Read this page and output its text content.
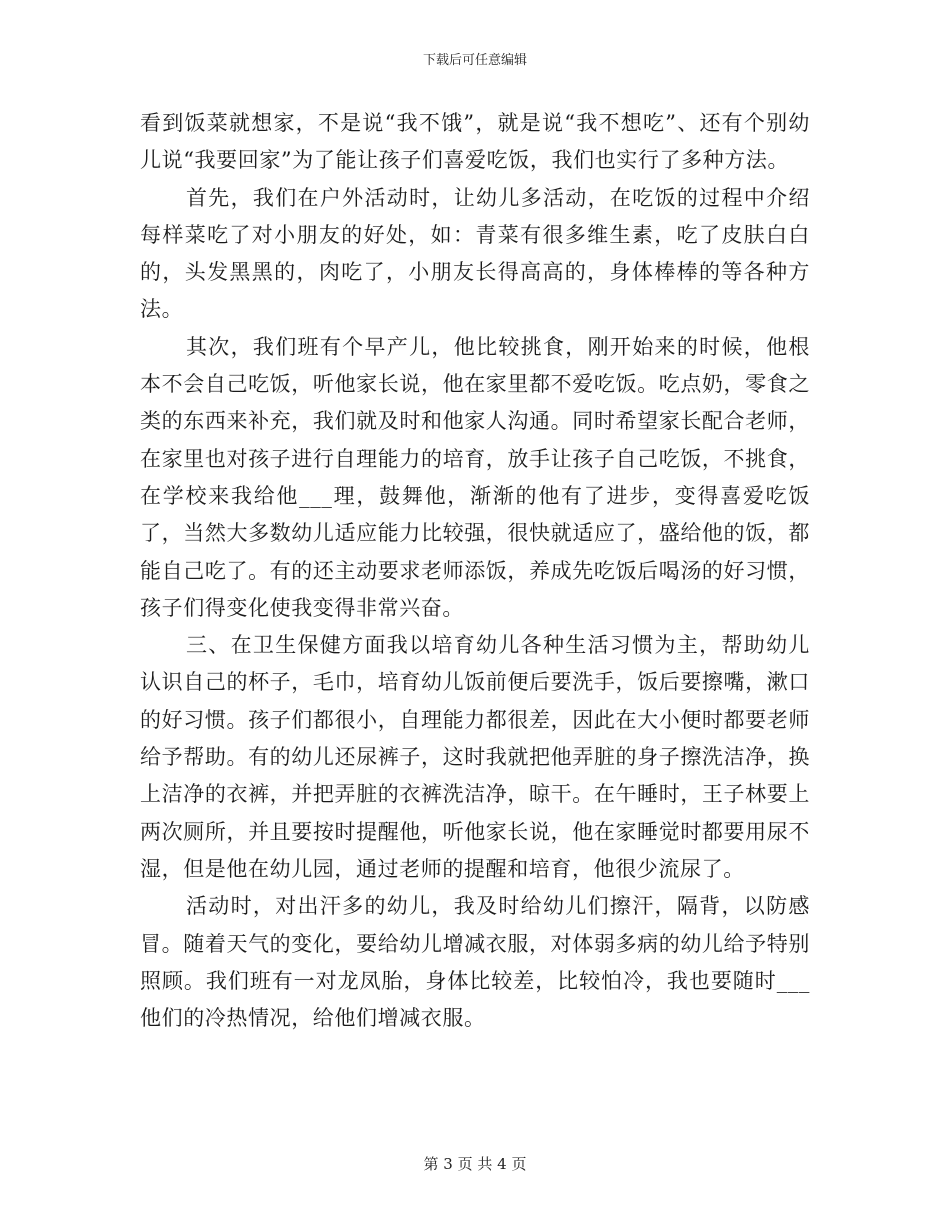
下载后可任意编辑

看到饭菜就想家，不是说“我不饿”，就是说“我不想吃”、还有个别幼儿说“我要回家”为了能让孩子们喜爱吃饭，我们也实行了多种方法。

首先，我们在户外活动时，让幼儿多活动，在吃饭的过程中介绍每样菜吃了对小朋友的好处，如：青菜有很多维生素，吃了皮肤白白的，头发黑黑的，肉吃了，小朋友长得高高的，身体棒棒的等各种方法。

其次，我们班有个早产儿，他比较挑食，刚开始来的时候，他根本不会自己吃饭，听他家长说，他在家里都不爱吃饭。吃点奶，零食之类的东西来补充，我们就及时和他家人沟通。同时希望家长配合老师，在家里也对孩子进行自理能力的培育，放手让孩子自己吃饭，不挑食，在学校来我给他___理，鼓舞他，渐渐的他有了进步，变得喜爱吃饭了，当然大多数幼儿适应能力比较强，很快就适应了，盛给他的饭，都能自己吃了。有的还主动要求老师添饭，养成先吃饭后喝汤的好习惯，孩子们得变化使我变得非常兴奋。

三、在卫生保健方面我以培育幼儿各种生活习惯为主，帮助幼儿认识自己的杯子，毛巾，培育幼儿饭前便后要洗手，饭后要擦嘴，漱口的好习惯。孩子们都很小，自理能力都很差，因此在大小便时都要老师给予帮助。有的幼儿还尿裤子，这时我就把他弄脏的身子擦洗洁净，换上洁净的衣裤，并把弄脏的衣裤洗洁净，晾干。在午睡时，王子林要上两次厕所，并且要按时提醒他，听他家长说，他在家睡觉时都要用尿不湿，但是他在幼儿园，通过老师的提醒和培育，他很少流尿了。

活动时，对出汗多的幼儿，我及时给幼儿们擦汗，隔背，以防感冒。随着天气的变化，要给幼儿增减衣服，对体弱多病的幼儿给予特别照顾。我们班有一对龙凤胎，身体比较差，比较怕冷，我也要随时___他们的冷热情况，给他们增减衣服。

第 3 页 共 4 页
